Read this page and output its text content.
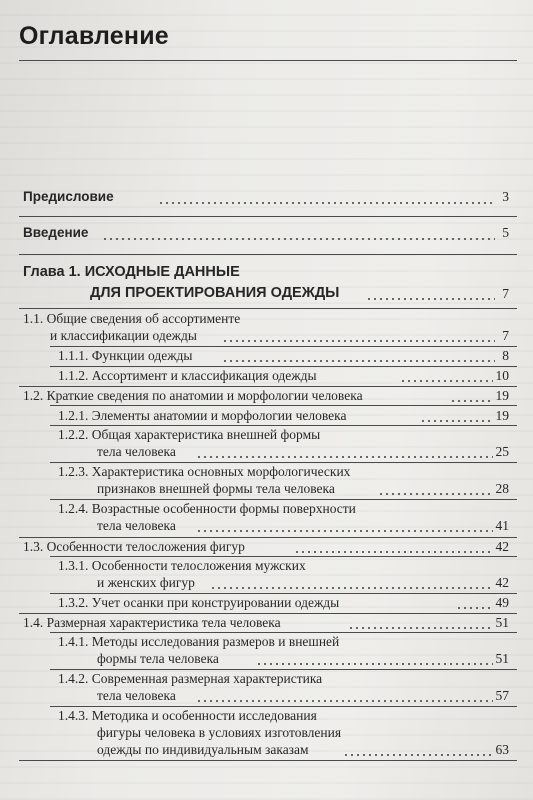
Оглавление
Предисловие	3
Введение	5
Глава 1. ИСХОДНЫЕ ДАННЫЕ
ДЛЯ ПРОЕКТИРОВАНИЯ ОДЕЖДЫ	7
1.1. Общие сведения об ассортименте
и классификации одежды	7
1.1.1. Функции одежды	8
1.1.2. Ассортимент и классификация одежды	10
1.2. Краткие сведения по анатомии и морфологии человека	19
1.2.1. Элементы анатомии и морфологии человека	19
1.2.2. Общая характеристика внешней формы
тела человека	25
1.2.3. Характеристика основных морфологических
признаков внешней формы тела человека	28
1.2.4. Возрастные особенности формы поверхности
тела человека	41
1.3. Особенности телосложения фигур	42
1.3.1. Особенности телосложения мужских
и женских фигур	42
1.3.2. Учет осанки при конструировании одежды	49
1.4. Размерная характеристика тела человека	51
1.4.1. Методы исследования размеров и внешней
формы тела человека	51
1.4.2. Современная размерная характеристика
тела человека	57
1.4.3. Методика и особенности исследования
фигуры человека в условиях изготовления
одежды по индивидуальным заказам	63
